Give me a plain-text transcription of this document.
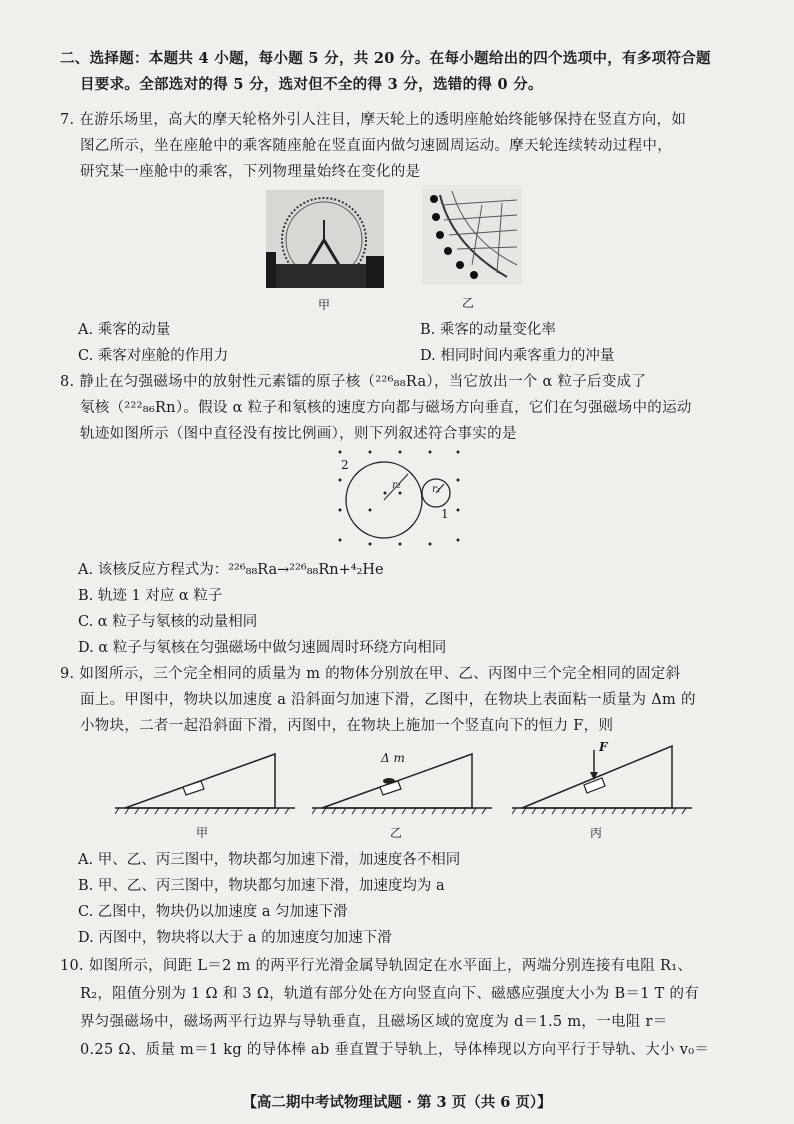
二、选择题：本题共 4 小题，每小题 5 分，共 20 分。在每小题给出的四个选项中，有多项符合题
目要求。全部选对的得 5 分，选对但不全的得 3 分，选错的得 0 分。
7. 在游乐场里，高大的摩天轮格外引人注目，摩天轮上的透明座舱始终能够保持在竖直方向，如
图乙所示，坐在座舱中的乘客随座舱在竖直面内做匀速圆周运动。摩天轮连续转动过程中，
研究某一座舱中的乘客，下列物理量始终在变化的是
甲	乙
A. 乘客的动量	B. 乘客的动量变化率
C. 乘客对座舱的作用力	D. 相同时间内乘客重力的冲量
8. 静止在匀强磁场中的放射性元素镭的原子核（²²⁶₈₈Ra），当它放出一个 α 粒子后变成了
氡核（²²²₈₆Rn）。假设 α 粒子和氡核的速度方向都与磁场方向垂直，它们在匀强磁场中的运动
轨迹如图所示（图中直径没有按比例画），则下列叙述符合事实的是
2
1
r₂	r₁
A. 该核反应方程式为：²²⁶₈₈Ra→²²⁶₈₈Rn+⁴₂He
B. 轨迹 1 对应 α 粒子
C. α 粒子与氡核的动量相同
D. α 粒子与氡核在匀强磁场中做匀速圆周时环绕方向相同
9. 如图所示，三个完全相同的质量为 m 的物体分别放在甲、乙、丙图中三个完全相同的固定斜
面上。甲图中，物块以加速度 a 沿斜面匀加速下滑，乙图中，在物块上表面粘一质量为 Δm 的
小物块，二者一起沿斜面下滑，丙图中，在物块上施加一个竖直向下的恒力 F，则
甲
Δ m
乙
F
丙
A. 甲、乙、丙三图中，物块都匀加速下滑，加速度各不相同
B. 甲、乙、丙三图中，物块都匀加速下滑，加速度均为 a
C. 乙图中，物块仍以加速度 a 匀加速下滑
D. 丙图中，物块将以大于 a 的加速度匀加速下滑
10. 如图所示，间距 L＝2 m 的两平行光滑金属导轨固定在水平面上，两端分别连接有电阻 R₁、
R₂，阻值分别为 1 Ω 和 3 Ω，轨道有部分处在方向竖直向下、磁感应强度大小为 B＝1 T 的有
界匀强磁场中，磁场两平行边界与导轨垂直，且磁场区域的宽度为 d＝1.5 m，一电阻 r＝
0.25 Ω、质量 m＝1 kg 的导体棒 ab 垂直置于导轨上，导体棒现以方向平行于导轨、大小 v₀＝
【高二期中考试物理试题 · 第 3 页（共 6 页）】
